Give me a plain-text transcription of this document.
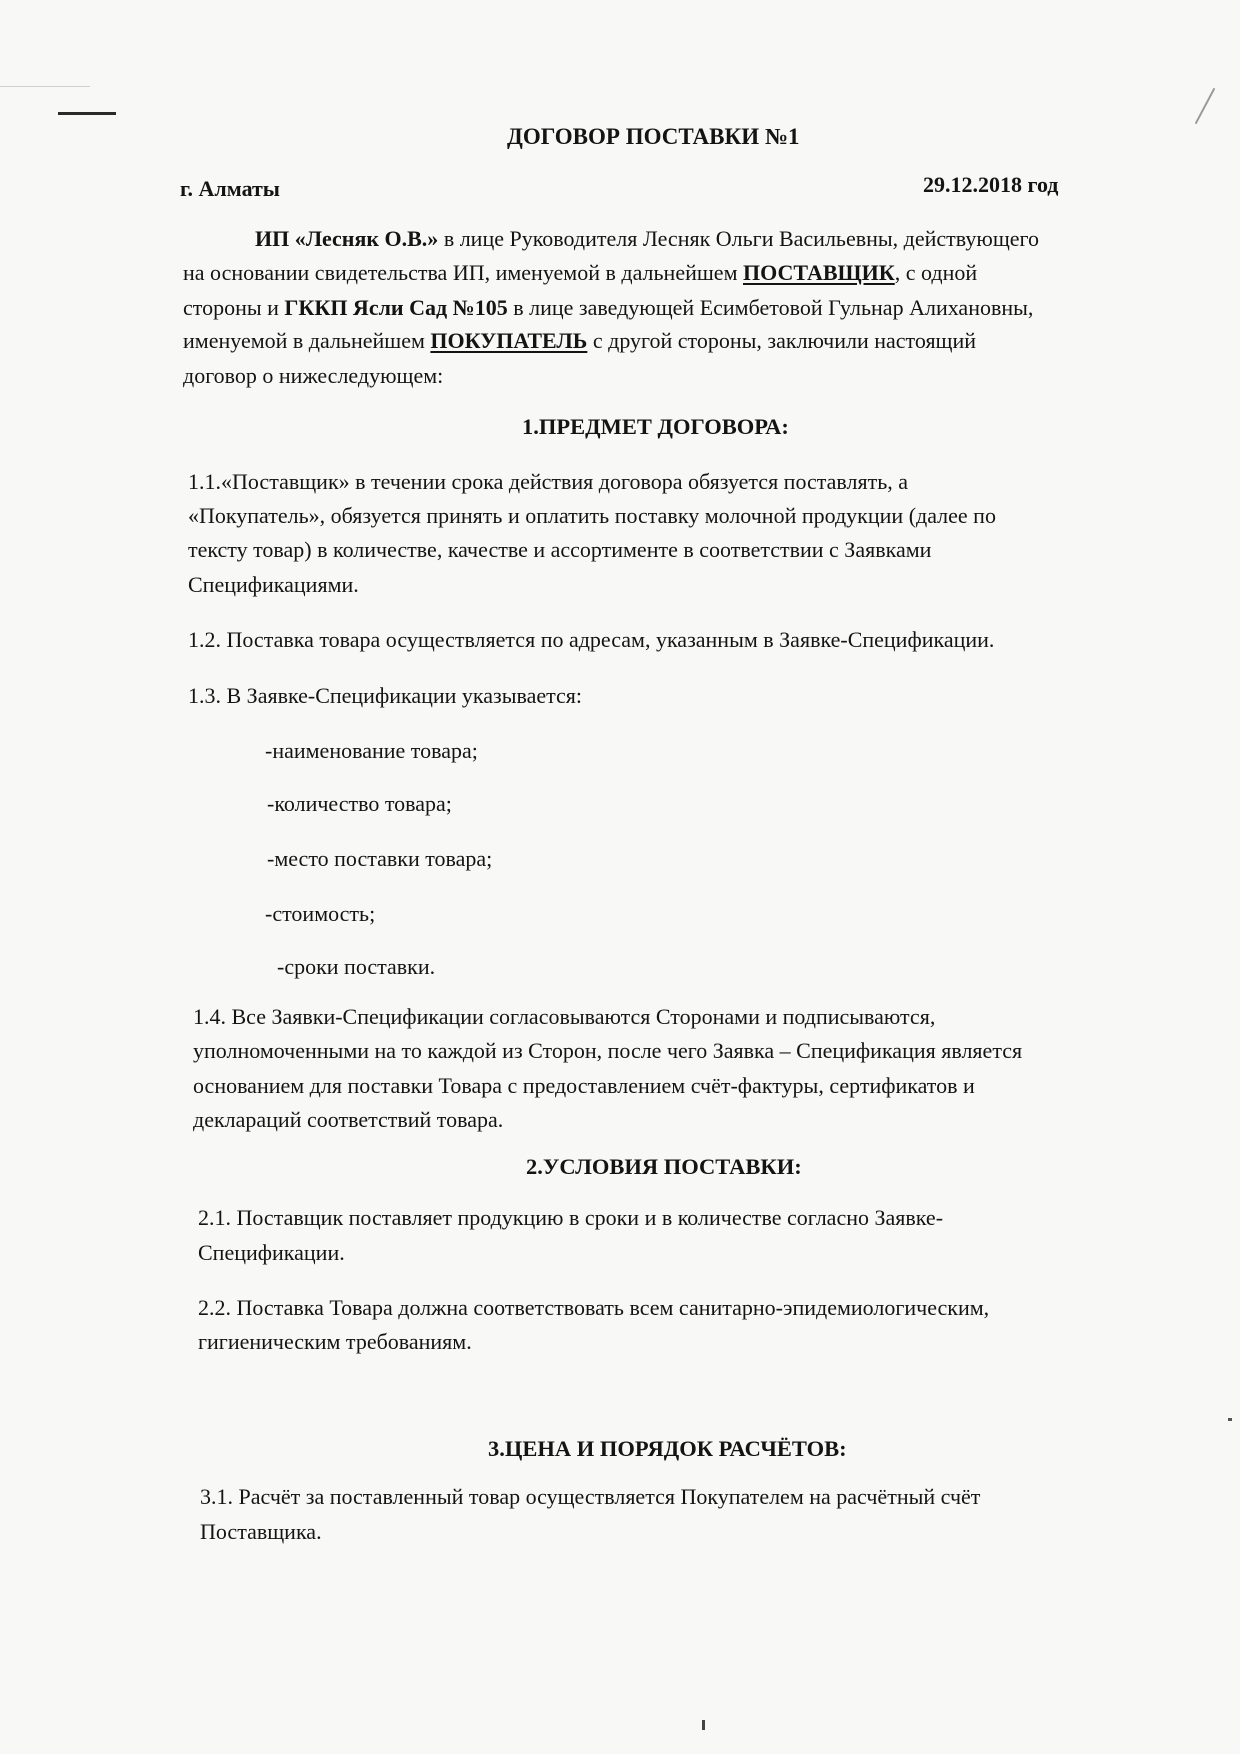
ДОГОВОР ПОСТАВКИ №1
г. Алматы	29.12.2018 год
ИП «Лесняк О.В.» в лице Руководителя Лесняк Ольги Васильевны, действующего
на основании свидетельства ИП, именуемой в дальнейшем ПОСТАВЩИК, с одной
стороны и ГККП Ясли Сад №105 в лице заведующей Есимбетовой Гульнар Алихановны,
именуемой в дальнейшем ПОКУПАТЕЛЬ с другой стороны, заключили настоящий
договор о нижеследующем:
1.ПРЕДМЕТ ДОГОВОРА:
1.1.«Поставщик» в течении срока действия договора обязуется поставлять, а
«Покупатель», обязуется принять и оплатить поставку молочной продукции (далее по
тексту товар) в количестве, качестве и ассортименте в соответствии с Заявками
Спецификациями.
1.2. Поставка товара осуществляется по адресам, указанным в Заявке-Спецификации.
1.3. В Заявке-Спецификации указывается:
-наименование товара;
-количество товара;
-место поставки товара;
-стоимость;
-сроки поставки.
1.4. Все Заявки-Спецификации согласовываются Сторонами и подписываются,
уполномоченными на то каждой из Сторон, после чего Заявка – Спецификация является
основанием для поставки Товара с предоставлением счёт-фактуры, сертификатов и
деклараций соответствий товара.
2.УСЛОВИЯ ПОСТАВКИ:
2.1. Поставщик поставляет продукцию в сроки и в количестве согласно Заявке-
Спецификации.
2.2. Поставка Товара должна соответствовать всем санитарно-эпидемиологическим,
гигиеническим требованиям.
3.ЦЕНА И ПОРЯДОК РАСЧЁТОВ:
3.1. Расчёт за поставленный товар осуществляется Покупателем на расчётный счёт
Поставщика.
